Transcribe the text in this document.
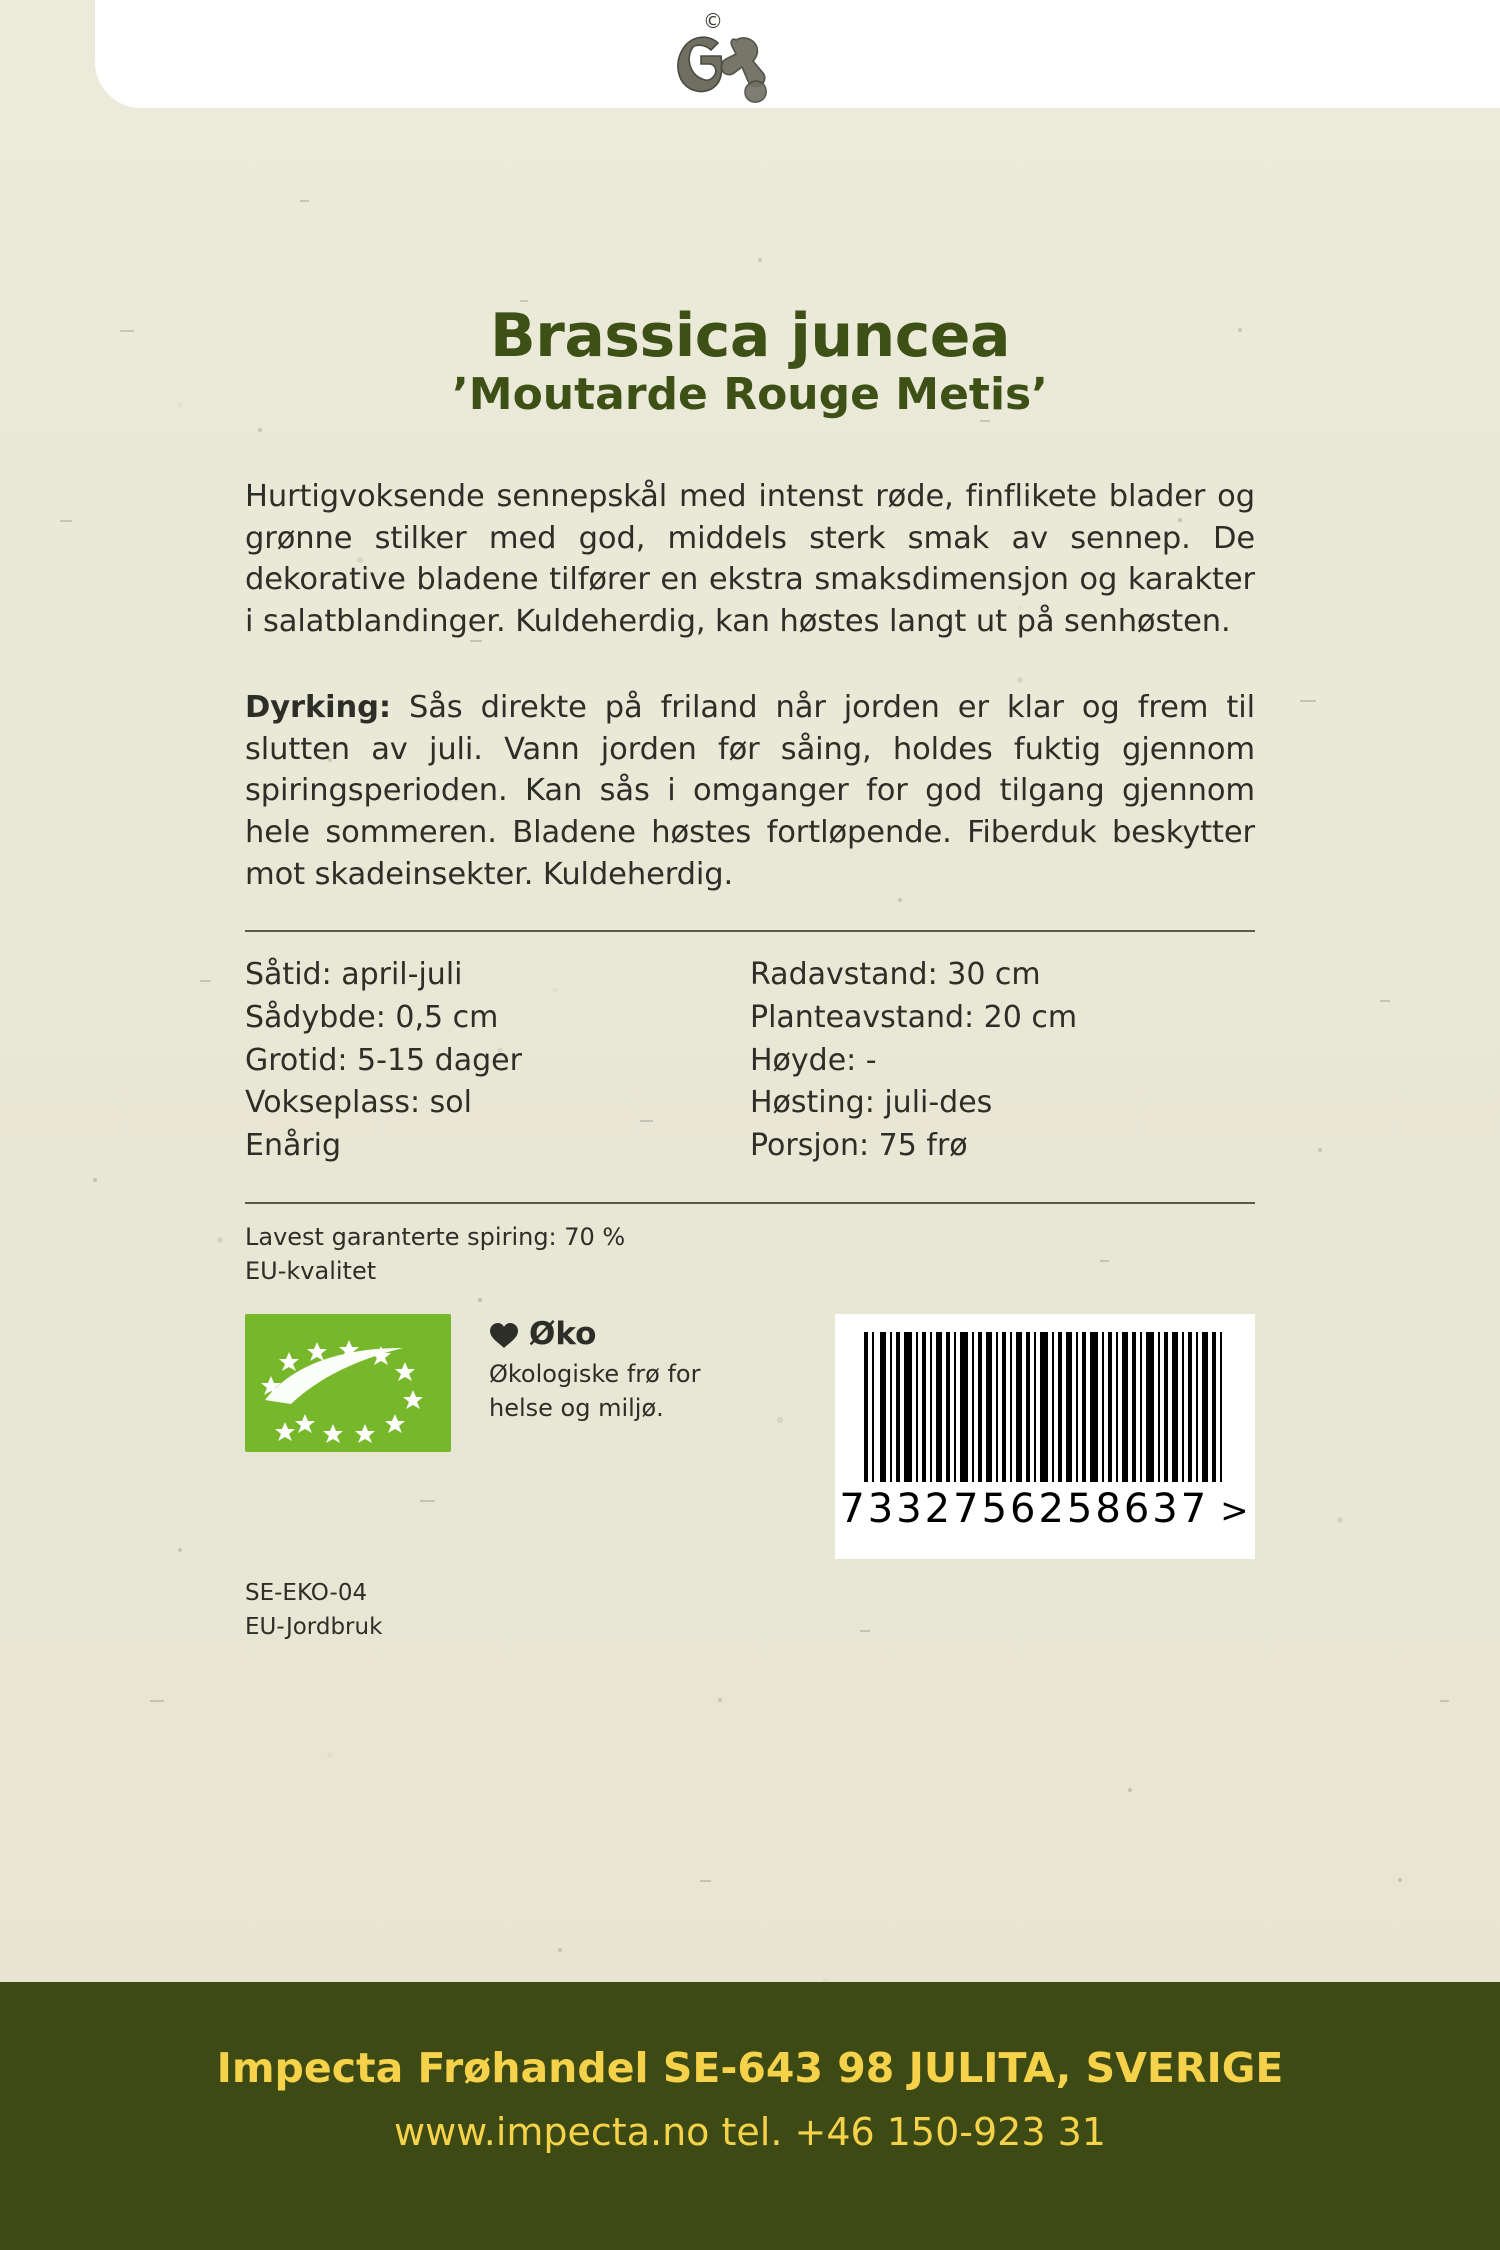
©
Brassica juncea
’Moutarde Rouge Metis’

Hurtigvoksende sennepskål med intenst røde, finflikete blader og grønne stilker med god, middels sterk smak av sennep. De dekorative bladene tilfører en ekstra smaksdimensjon og karakter i salatblandinger. Kuldeherdig, kan høstes langt ut på senhøsten.

Dyrking: Sås direkte på friland når jorden er klar og frem til slutten av juli. Vann jorden før såing, holdes fuktig gjennom spiringsperioden. Kan sås i omganger for god tilgang gjennom hele sommeren. Bladene høstes fortløpende. Fiberduk beskytter mot skadeinsekter. Kuldeherdig.

Såtid: april-juli
Sådybde: 0,5 cm
Grotid: 5-15 dager
Vokseplass: sol
Enårig
Radavstand: 30 cm
Planteavstand: 20 cm
Høyde: -
Høsting: juli-des
Porsjon: 75 frø
Lavest garanterte spiring: 70 %
EU-kvalitet
Øko
Økologiske frø for
helse og miljø.
7332756258637 >
SE-EKO-04
EU-Jordbruk
Impecta Frøhandel SE-643 98 JULITA, SVERIGE
www.impecta.no tel. +46 150-923 31
